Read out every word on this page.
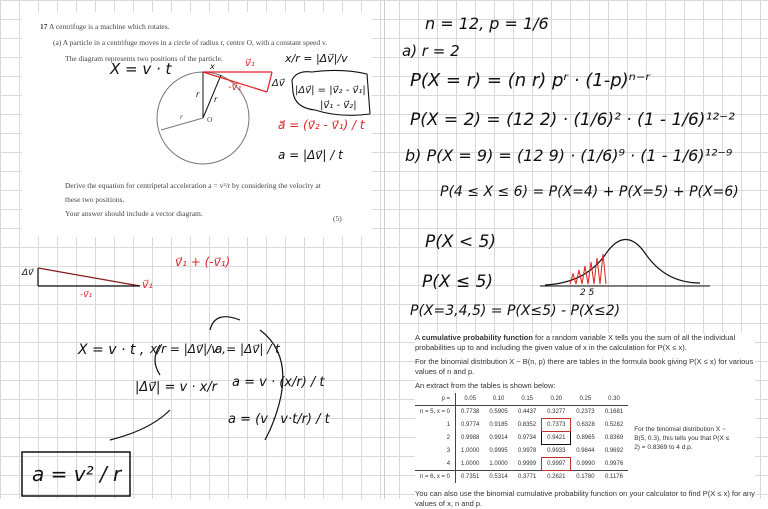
17 A centrifuge is a machine which rotates.
(a) A particle in a centrifuge moves in a circle of radius r, centre O, with a constant speed v.
The diagram represents two positions of the particle.
O
r
Derive the equation for centripetal acceleration a = v²/r by considering the velocity at
these two positions.
Your answer should include a vector diagram.
(5)
X = v · t
x/r = |Δv⃗|/v
v⃗₁
-v⃗₁	Δv⃗
|Δv⃗| = |v⃗₂ - v⃗₁|
|v⃗₁ - v⃗₂|
a⃗ = (v⃗₂ - v⃗₁) / t
a = |Δv⃗| / t
r
r
x
v⃗₁ + (-v⃗₁)
v⃗₁
-v⃗₁
Δv⃗
X = v · t , x/r = |Δv⃗|/v ,
a = |Δv⃗| / t
|Δv⃗| = v · x/r a = v · (x/r) / t
a = (v · v·t/r) / t
a = v² / r
n = 12, p = 1/6
a) r = 2
P(X = r) = (n r) pʳ · (1-p)ⁿ⁻ʳ
P(X = 2) = (12 2) · (1/6)² · (1 - 1/6)¹²⁻²
b) P(X = 9) = (12 9) · (1/6)⁹ · (1 - 1/6)¹²⁻⁹
P(4 ≤ X ≤ 6) = P(X=4) + P(X=5) + P(X=6)
P(X < 5)
P(X ≤ 5)
P(X=3,4,5) = P(X≤5) - P(X≤2)
2 5
A cumulative probability function for a random variable X tells you the sum of all the individual probabilities up to and including the given value of x in the calculation for P(X ≤ x).
For the binomial distribution X ~ B(n, p) there are tables in the formula book giving P(X ≤ x) for various values of n and p.
An extract from the tables is shown below:
p =	0.05	0.10	0.15	0.20	0.25	0.30
n = 5, x = 0	0.7738	0.5905	0.4437	0.3277	0.2373	0.1681
1	0.9774	0.9185	0.8352	0.7373	0.6328	0.5282
2	0.9988	0.9914	0.9734	0.9421	0.8965	0.8369
3	1.0000	0.9995	0.9978	0.9933	0.9844	0.9692
4	1.0000	1.0000	0.9999	0.9997	0.9990	0.9976
n = 6, x = 0	0.7351	0.5314	0.3771	0.2621	0.1780	0.1176
For the binomial distribution X ~ B(5, 0.3), this tells you that P(X ≤ 2) = 0.8369 to 4 d.p.
You can also use the binomial cumulative probability function on your calculator to find P(X ≤ x) for any values of x, n and p.
